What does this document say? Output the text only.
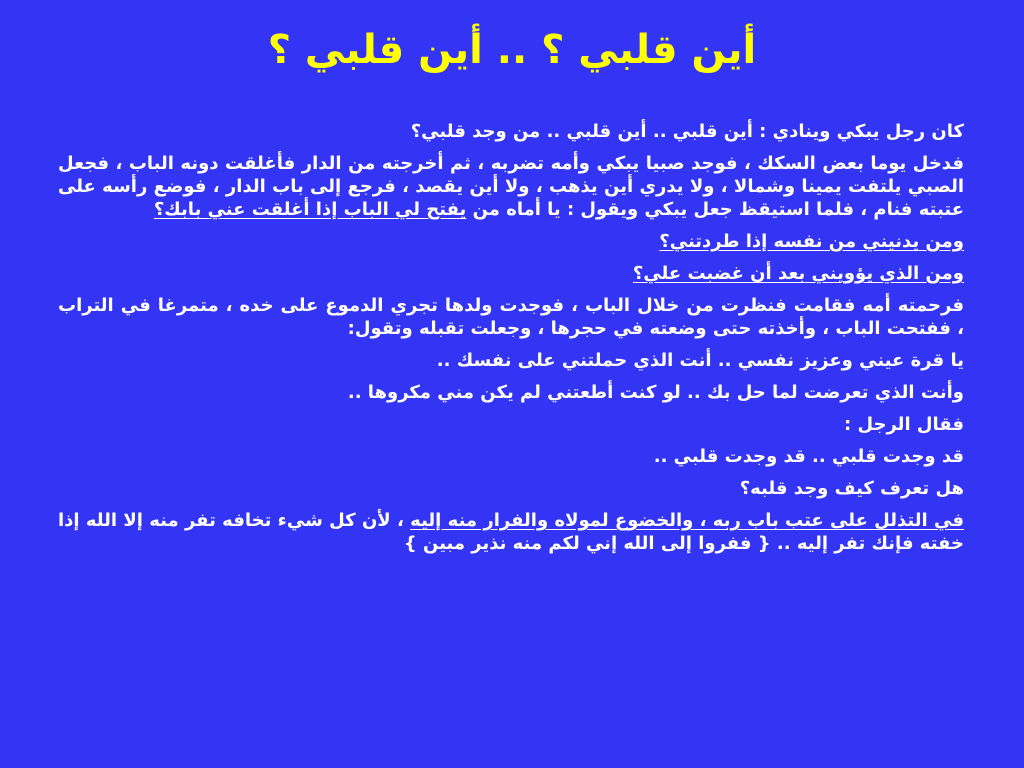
أين قلبي ؟ .. أين قلبي ؟

كان رجل يبكي وينادي : أين قلبي .. أين قلبي .. من وجد قلبي؟

فدخل يوما بعض السكك ، فوجد صبيا يبكي وأمه تضربه ، ثم أخرجته من الدار فأغلقت دونه الباب ، فجعل الصبي يلتفت يمينا وشمالا ، ولا يدري أين يذهب ، ولا أين يقصد ، فرجع إلى باب الدار ، فوضع رأسه على عتبته فنام ، فلما استيقظ جعل يبكي ويقول : يا أماه من يفتح لي الباب إذا أغلقت عني بابك؟

ومن يدنيني من نفسه إذا طردتني؟

ومن الذي يؤويني بعد أن غضبت علي؟

فرحمته أمه فقامت فنظرت من خلال الباب ، فوجدت ولدها تجري الدموع على خده ، متمرغا في التراب ، ففتحت الباب ، وأخذته حتى وضعته في حجرها ، وجعلت تقبله وتقول:

يا قرة عيني وعزيز نفسي .. أنت الذي حملتني على نفسك ..

وأنت الذي تعرضت لما حل بك .. لو كنت أطعتني لم يكن مني مكروها ..

فقال الرجل :

قد وجدت قلبي .. قد وجدت قلبي ..

هل تعرف كيف وجد قلبه؟

في التذلل على عتب باب ربه ، والخضوع لمولاه والفرار منه إليه ، لأن كل شيء تخافه تفر منه إلا الله إذا خفته فإنك تفر إليه .. { ففروا إلى الله إني لكم منه نذير مبين }
